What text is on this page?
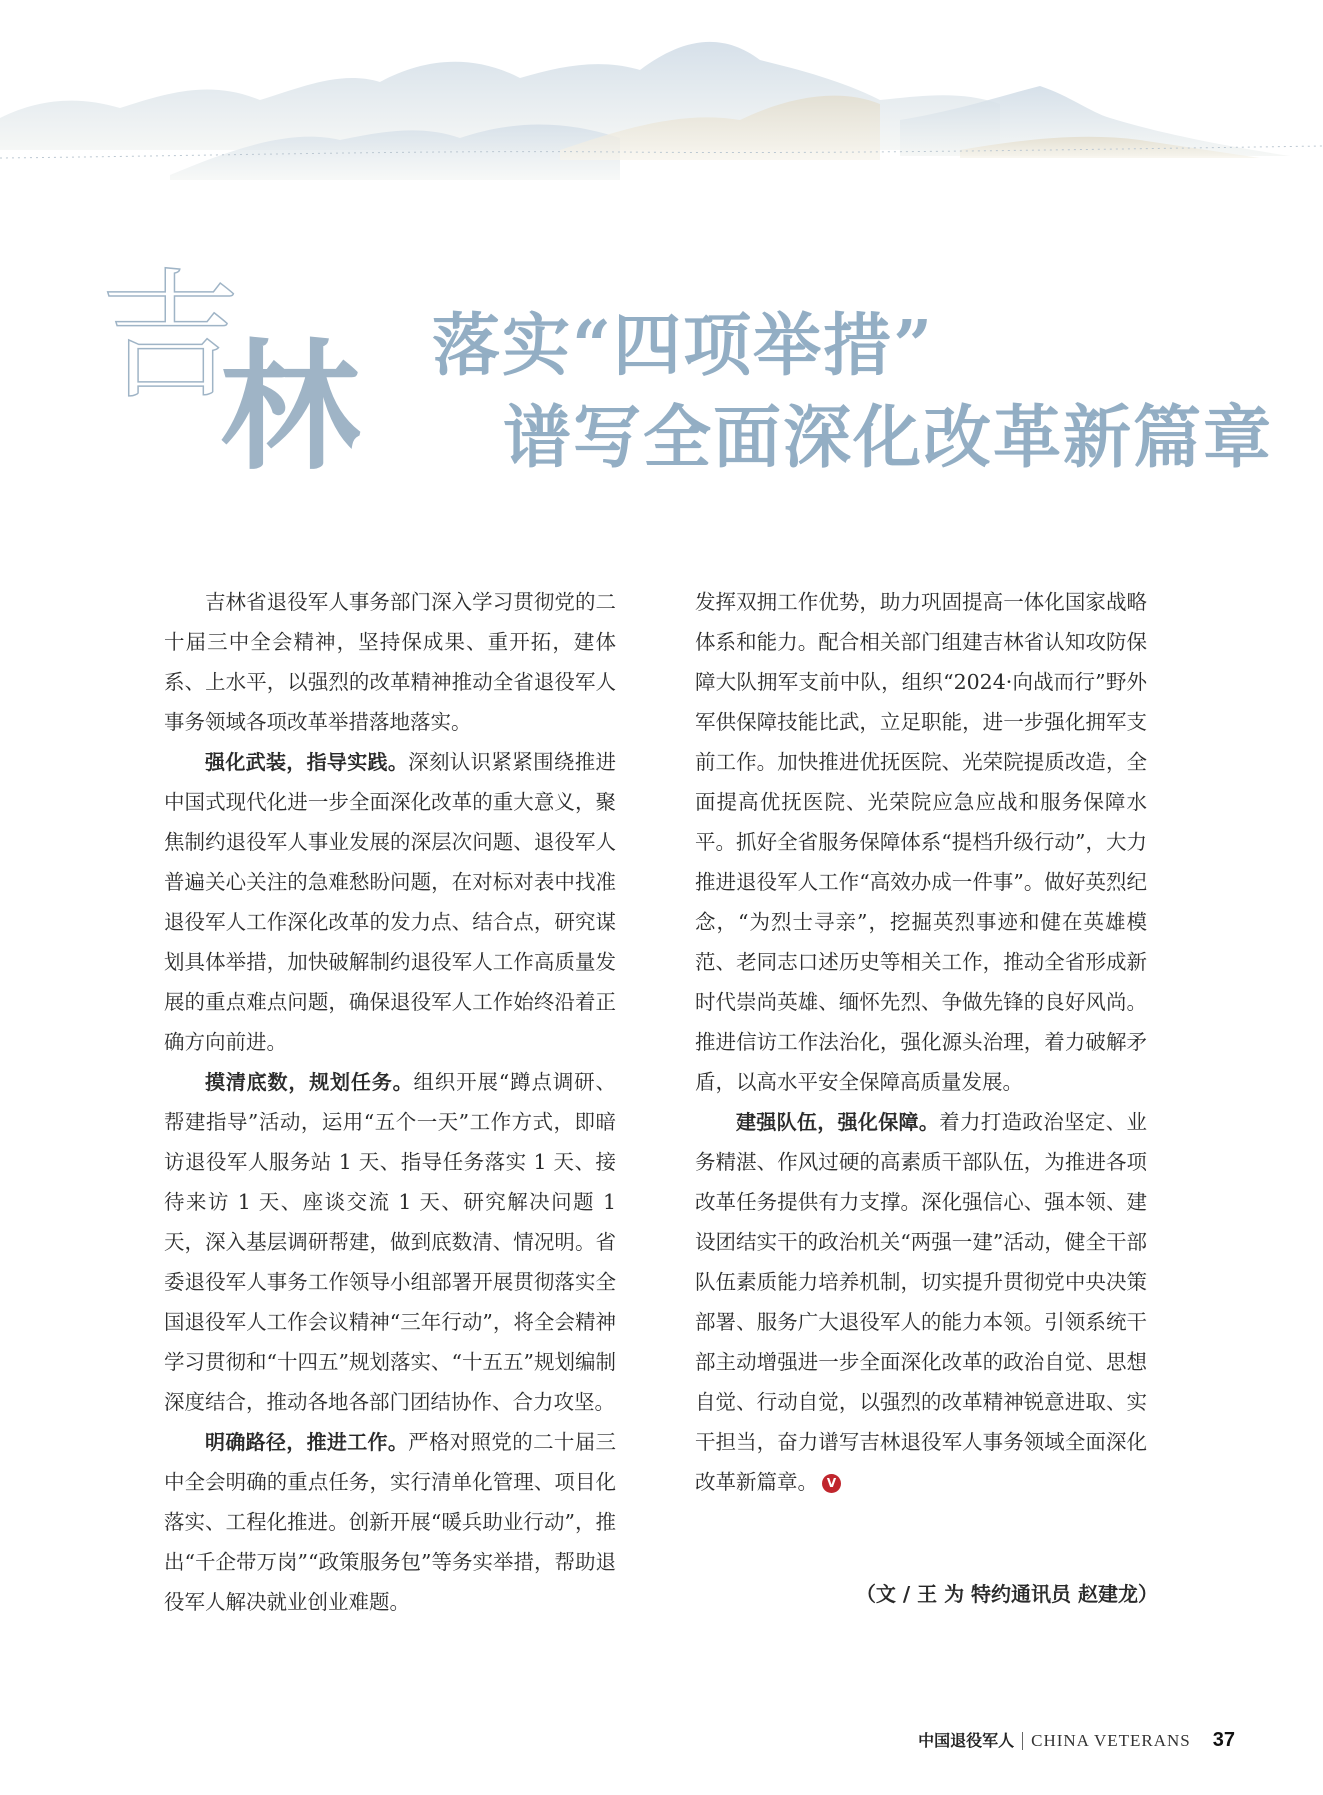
吉
林 落实“四项举措”
谱写全面深化改革新篇章

吉林省退役军人事务部门深入学习贯彻党的二十届三中全会精神，坚持保成果、重开拓，建体系、上水平，以强烈的改革精神推动全省退役军人事务领域各项改革举措落地落实。

强化武装，指导实践。深刻认识紧紧围绕推进中国式现代化进一步全面深化改革的重大意义，聚焦制约退役军人事业发展的深层次问题、退役军人普遍关心关注的急难愁盼问题，在对标对表中找准退役军人工作深化改革的发力点、结合点，研究谋划具体举措，加快破解制约退役军人工作高质量发展的重点难点问题，确保退役军人工作始终沿着正确方向前进。

摸清底数，规划任务。组织开展“蹲点调研、帮建指导”活动，运用“五个一天”工作方式，即暗访退役军人服务站 1 天、指导任务落实 1 天、接待来访 1 天、座谈交流 1 天、研究解决问题 1 天，深入基层调研帮建，做到底数清、情况明。省委退役军人事务工作领导小组部署开展贯彻落实全国退役军人工作会议精神“三年行动”，将全会精神学习贯彻和“十四五”规划落实、“十五五”规划编制深度结合，推动各地各部门团结协作、合力攻坚。

明确路径，推进工作。严格对照党的二十届三中全会明确的重点任务，实行清单化管理、项目化落实、工程化推进。创新开展“暖兵助业行动”，推出“千企带万岗”“政策服务包”等务实举措，帮助退役军人解决就业创业难题。

发挥双拥工作优势，助力巩固提高一体化国家战略体系和能力。配合相关部门组建吉林省认知攻防保障大队拥军支前中队，组织“2024·向战而行”野外军供保障技能比武，立足职能，进一步强化拥军支前工作。加快推进优抚医院、光荣院提质改造，全面提高优抚医院、光荣院应急应战和服务保障水平。抓好全省服务保障体系“提档升级行动”，大力推进退役军人工作“高效办成一件事”。做好英烈纪念，“为烈士寻亲”，挖掘英烈事迹和健在英雄模范、老同志口述历史等相关工作，推动全省形成新时代崇尚英雄、缅怀先烈、争做先锋的良好风尚。推进信访工作法治化，强化源头治理，着力破解矛盾，以高水平安全保障高质量发展。

建强队伍，强化保障。着力打造政治坚定、业务精湛、作风过硬的高素质干部队伍，为推进各项改革任务提供有力支撑。深化强信心、强本领、建设团结实干的政治机关“两强一建”活动，健全干部队伍素质能力培养机制，切实提升贯彻党中央决策部署、服务广大退役军人的能力本领。引领系统干部主动增强进一步全面深化改革的政治自觉、思想自觉、行动自觉，以强烈的改革精神锐意进取、实干担当，奋力谱写吉林退役军人事务领域全面深化改革新篇章。 V

（文 / 王 为 特约通讯员 赵建龙）
中国退役军人 CHINA VETERANS 37
